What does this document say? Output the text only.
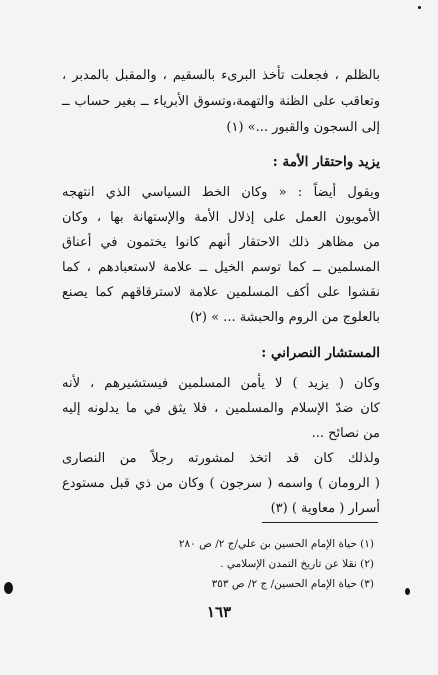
بالظلم ، فجعلت تأخذ البرىء بالسقيم ، والمقبل بالمدبر ،
وتعاقب على الظنة والتهمة،وتسوق الأبرياء ــ بغير حساب ــ
إلى السجون والقبور ...» (١)
يزيد واحتقار الأمة :
ويقول أيضاً : « وكان الخط السياسي الذي انتهجه
الأمويون العمل على إذلال الأمة والإستهانة بها ، وكان
من مظاهر ذلك الاحتقار أنهم كانوا يختمون في أعناق
المسلمين ــ كما توسم الخيل ــ علامة لاستعبادهم ، كما
نقشوا على أكف المسلمين علامة لاسترقاقهم كما يصنع
بالعلوج من الروم والحبشة ... » (٢)
المستشار النصراني :
وكان ( يزيد ) لا يأمن المسلمين فيستشيرهم ، لأنه
كان ضدّ الإسلام والمسلمين ، فلا يثق في ما يدلونه إليه
من نصائح ...
ولذلك كان قد اتخذ لمشورته رجلاً من النصارى
( الرومان ) واسمه ( سرجون ) وكان من ذي قبل مستودع
أسرار ( معاوية ) (٣)
(١) حياة الإمام الحسين بن علي/ج ٢/ ص ٢٨٠
(٢) نقلا عن تاريخ التمدن الإسلامي .
(٣) حياة الإمام الحسين/ ج ٢/ ص ٣٥٣
١٦٣
